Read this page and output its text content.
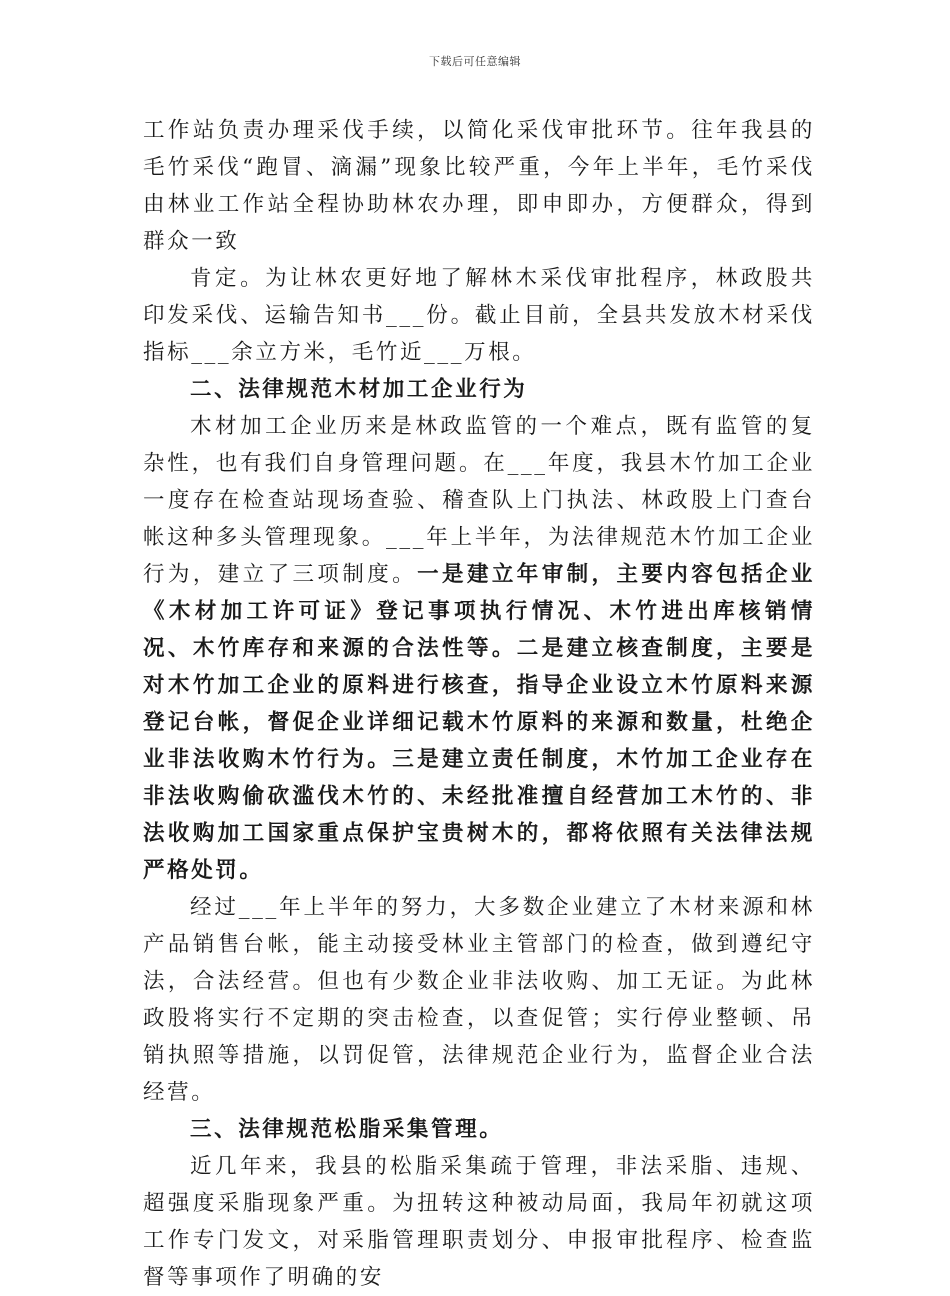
下载后可任意编辑

工作站负责办理采伐手续，以简化采伐审批环节。往年我县的毛竹采伐“跑冒、滴漏”现象比较严重，今年上半年，毛竹采伐由林业工作站全程协助林农办理，即申即办，方便群众，得到群众一致

肯定。为让林农更好地了解林木采伐审批程序，林政股共印发采伐、运输告知书___份。截止目前，全县共发放木材采伐指标___余立方米，毛竹近___万根。

二、法律规范木材加工企业行为

木材加工企业历来是林政监管的一个难点，既有监管的复杂性，也有我们自身管理问题。在___年度，我县木竹加工企业一度存在检查站现场查验、稽查队上门执法、林政股上门查台帐这种多头管理现象。___年上半年，为法律规范木竹加工企业行为，建立了三项制度。一是建立年审制，主要内容包括企业《木材加工许可证》登记事项执行情况、木竹进出库核销情况、木竹库存和来源的合法性等。二是建立核查制度，主要是对木竹加工企业的原料进行核查，指导企业设立木竹原料来源登记台帐，督促企业详细记载木竹原料的来源和数量，杜绝企业非法收购木竹行为。三是建立责任制度，木竹加工企业存在非法收购偷砍滥伐木竹的、未经批准擅自经营加工木竹的、非法收购加工国家重点保护宝贵树木的，都将依照有关法律法规严格处罚。

经过___年上半年的努力，大多数企业建立了木材来源和林产品销售台帐，能主动接受林业主管部门的检查，做到遵纪守法，合法经营。但也有少数企业非法收购、加工无证。为此林政股将实行不定期的突击检查，以查促管；实行停业整顿、吊销执照等措施，以罚促管，法律规范企业行为，监督企业合法经营。

三、法律规范松脂采集管理。

近几年来，我县的松脂采集疏于管理，非法采脂、违规、超强度采脂现象严重。为扭转这种被动局面，我局年初就这项工作专门发文，对采脂管理职责划分、申报审批程序、检查监督等事项作了明确的安
